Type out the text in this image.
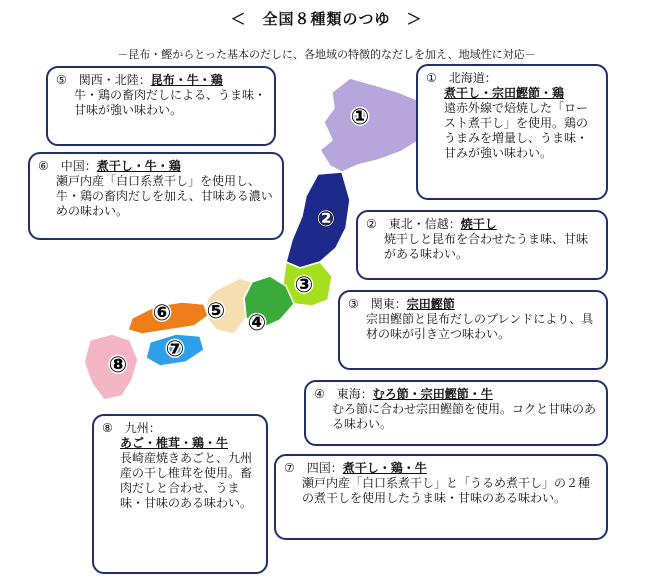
＜　全国８種類のつゆ　＞
－昆布・鰹からとった基本のだしに、各地域の特徴的なだしを加え、地域性に対応－
①
②
③
④
⑤
⑥
⑦
⑧
①　 北海道：
煮干し・宗田鰹節・鶏
遠赤外線で焙焼した「ロースト煮干し」を使用。鶏のうまみを増量し、うま味・甘みが強い味わい。
②　 東北・信越：焼干し
焼干しと昆布を合わせたうま味、甘味がある味わい。
③　 関東：宗田鰹節
宗田鰹節と昆布だしのブレンドにより、具材の味が引き立つ味わい。
④　 東海：むろ節・宗田鰹節・牛
むろ節に合わせ宗田鰹節を使用。コクと甘味のある味わい。
⑤　 関西・北陸：昆布・牛・鶏
牛・鶏の畜肉だしによる、うま味・甘味が強い味わい。
⑥　 中国：煮干し・牛・鶏
瀬戸内産「白口系煮干し」を使用し、牛・鶏の畜肉だしを加え、甘味ある濃いめの味わい。
⑦　 四国：煮干し・鶏・牛
瀬戸内産「白口系煮干し」と「うるめ煮干し」の２種の煮干しを使用したうま味・甘味のある味わい。
⑧　 九州：
あご・椎茸・鶏・牛
長崎産焼きあごと、九州産の干し椎茸を使用。畜肉だしと合わせ、うま味・甘味のある味わい。
